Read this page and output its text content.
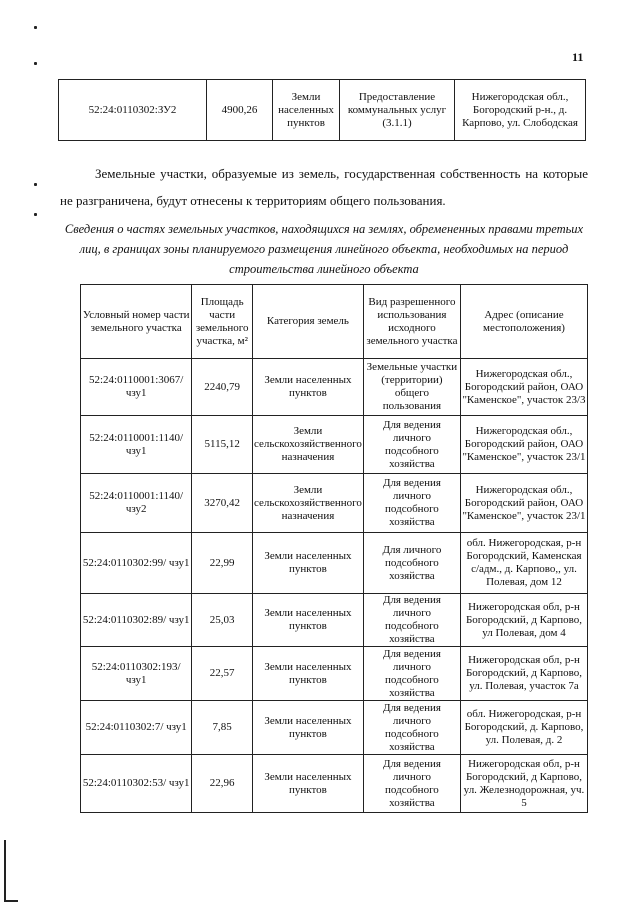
11
52:24:0110302:ЗУ2	4900,26	Земли населенных пунктов	Предоставление коммунальных услуг (3.1.1)	Нижегородская обл., Богородский р-н., д. Карпово, ул. Слободская
Земельные участки, образуемые из земель, государственная собственность на которые не разграничена, будут отнесены к территориям общего пользования.
Сведения о частях земельных участков, находящихся на землях, обремененных правами третьих лиц, в границах зоны планируемого размещения линейного объекта, необходимых на период строительства линейного объекта
Условный номер части земельного участка	Площадь части земельного участка, м²	Категория земель	Вид разрешенного использования исходного земельного участка	Адрес (описание местоположения)
52:24:0110001:3067/ чзу1	2240,79	Земли населенных пунктов	Земельные участки (территории) общего пользования	Нижегородская обл., Богородский район, ОАО "Каменское", участок 23/3
52:24:0110001:1140/ чзу1	5115,12	Земли сельскохозяйственного назначения	Для ведения личного подсобного хозяйства	Нижегородская обл., Богородский район, ОАО "Каменское", участок 23/1
52:24:0110001:1140/ чзу2	3270,42	Земли сельскохозяйственного назначения	Для ведения личного подсобного хозяйства	Нижегородская обл., Богородский район, ОАО "Каменское", участок 23/1
52:24:0110302:99/ чзу1	22,99	Земли населенных пунктов	Для личного подсобного хозяйства	обл. Нижегородская, р-н Богородский, Каменская с/адм., д. Карпово,, ул. Полевая, дом 12
52:24:0110302:89/ чзу1	25,03	Земли населенных пунктов	Для ведения личного подсобного хозяйства	Нижегородская обл, р-н Богородский, д Карпово, ул Полевая, дом 4
52:24:0110302:193/ чзу1	22,57	Земли населенных пунктов	Для ведения личного подсобного хозяйства	Нижегородская обл, р-н Богородский, д Карпово, ул. Полевая, участок 7а
52:24:0110302:7/ чзу1	7,85	Земли населенных пунктов	Для ведения личного подсобного хозяйства	обл. Нижегородская, р-н Богородский, д. Карпово, ул. Полевая, д. 2
52:24:0110302:53/ чзу1	22,96	Земли населенных пунктов	Для ведения личного подсобного хозяйства	Нижегородская обл, р-н Богородский, д Карпово, ул. Железнодорожная, уч. 5
